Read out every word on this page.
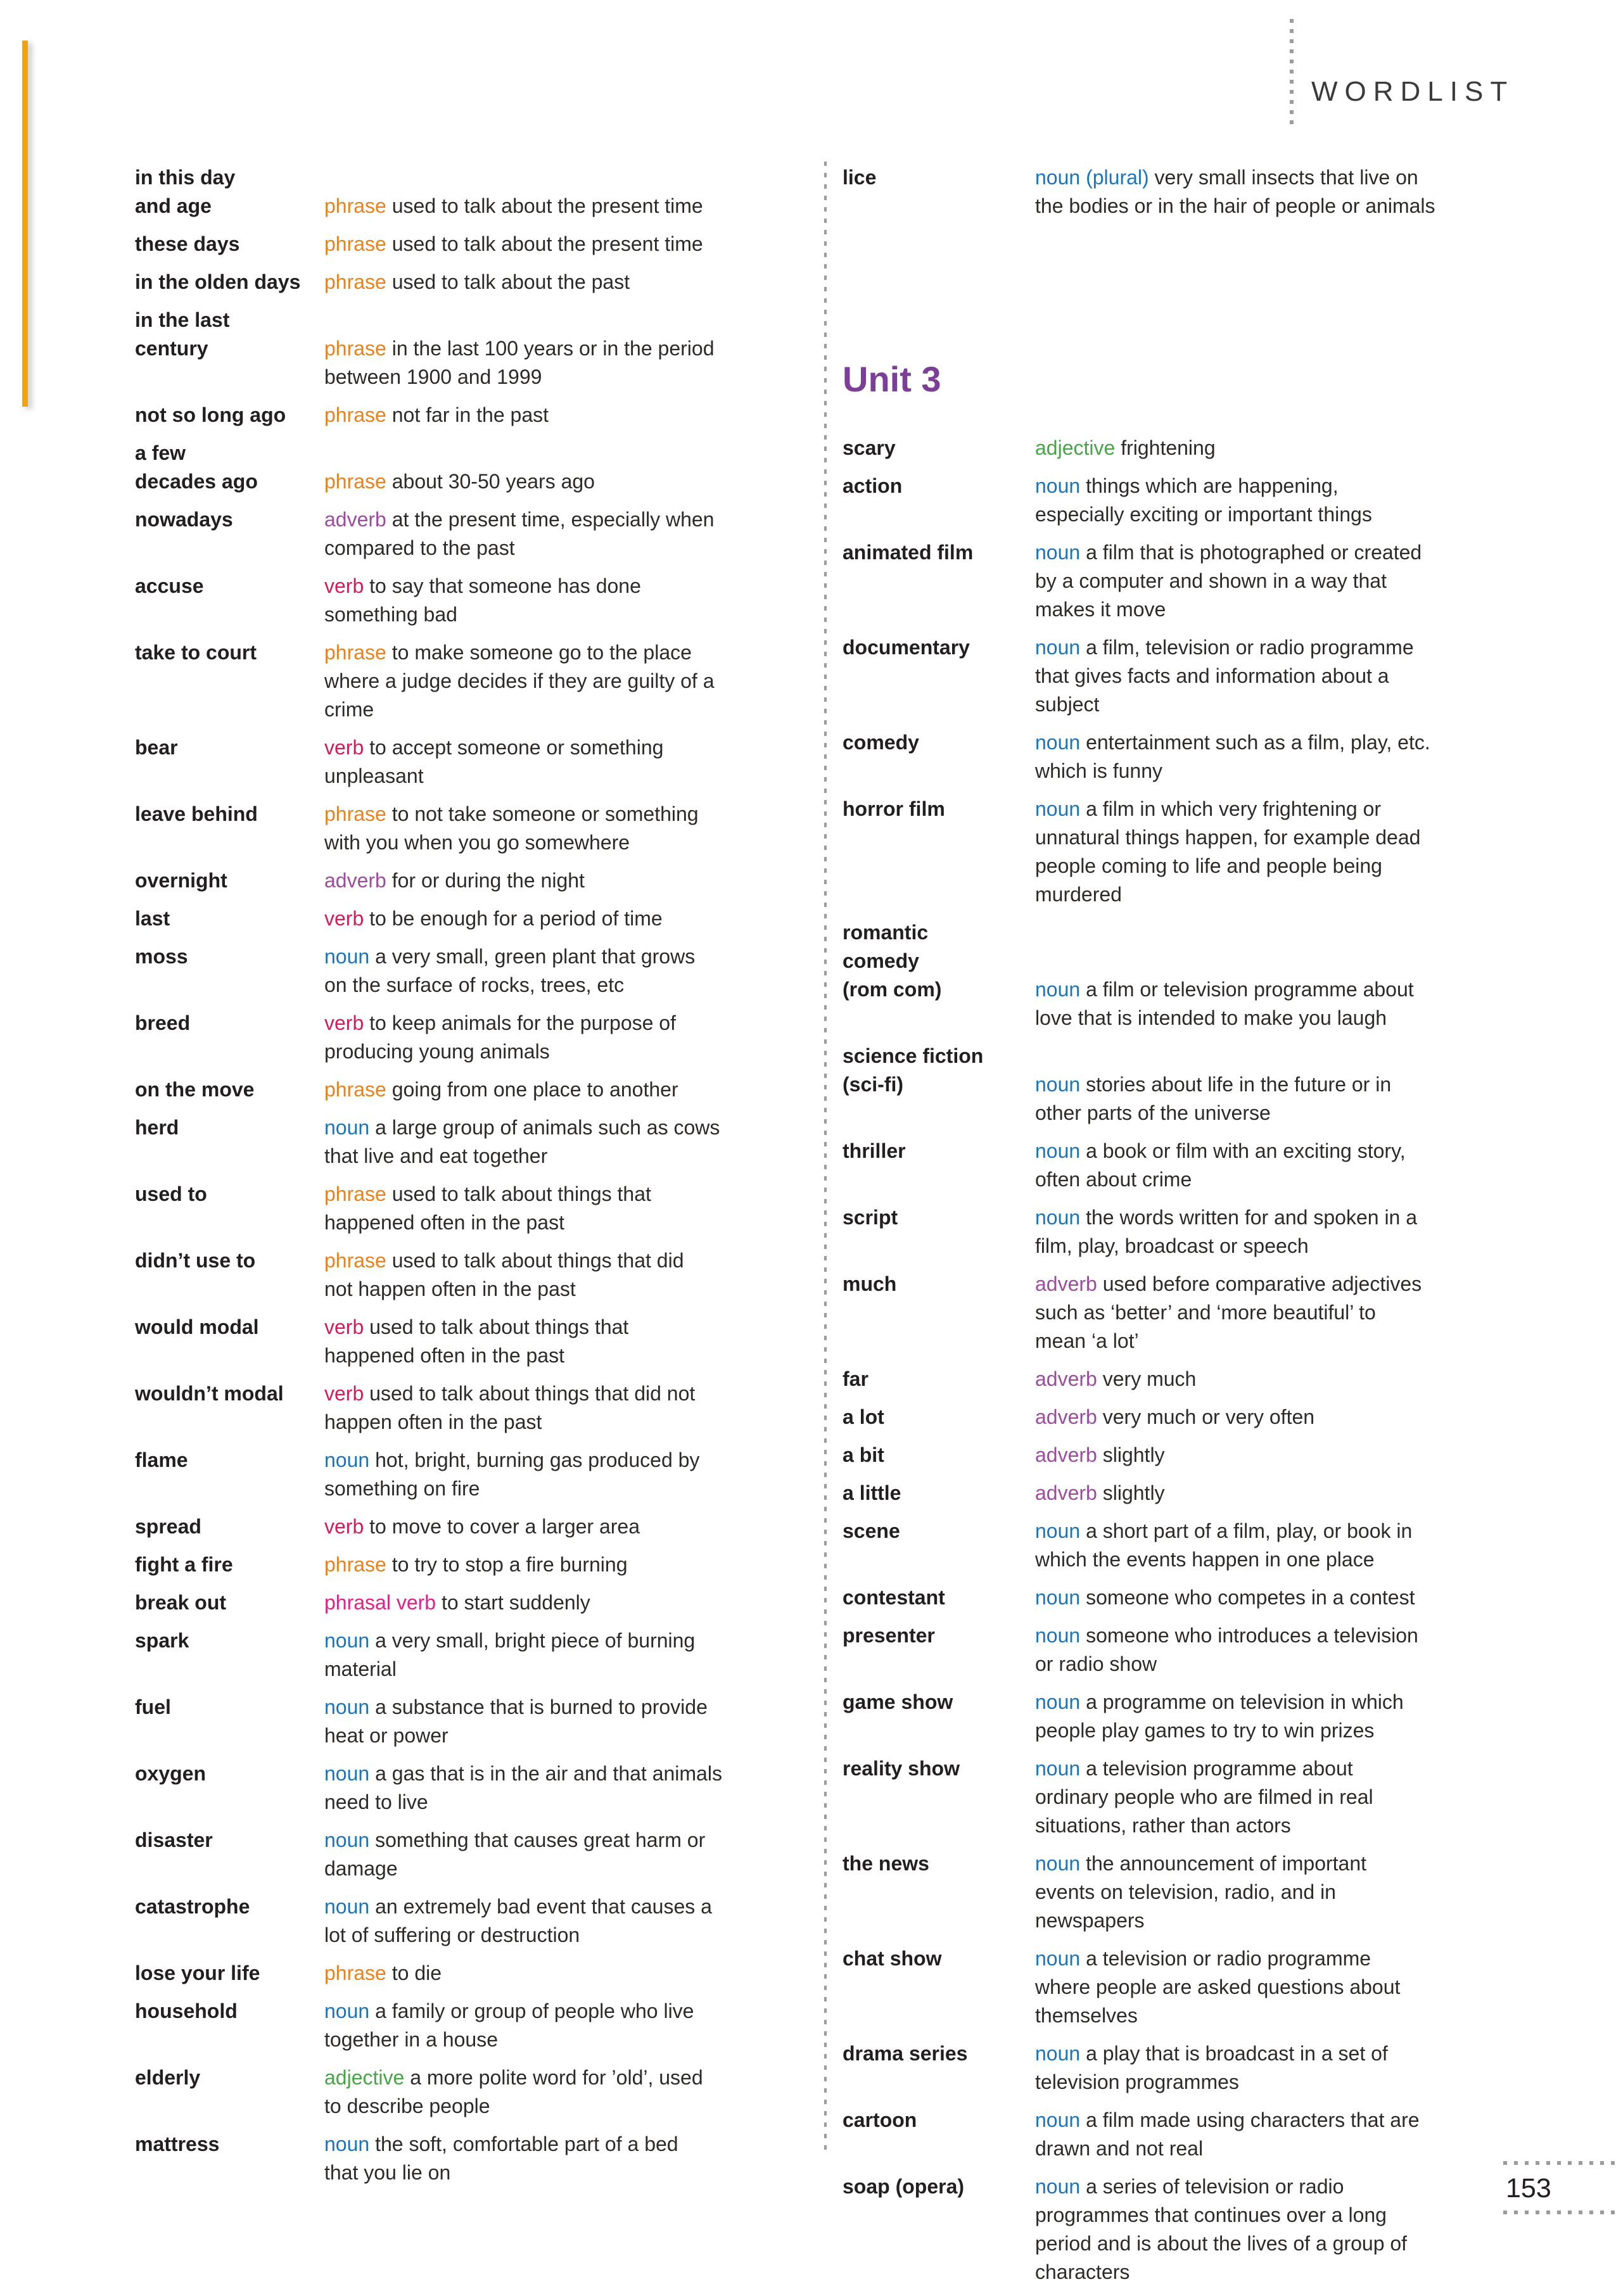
WORDLIST
in this day
and age	phrase used to talk about the present time
these days	phrase used to talk about the present time
in the olden days	phrase used to talk about the past
in the last
century	phrase in the last 100 years or in the period
between 1900 and 1999
not so long ago	phrase not far in the past
a few
decades ago	phrase about 30-50 years ago
nowadays	adverb at the present time, especially when
compared to the past
accuse	verb to say that someone has done
something bad
take to court	phrase to make someone go to the place
where a judge decides if they are guilty of a
crime
bear	verb to accept someone or something
unpleasant
leave behind	phrase to not take someone or something
with you when you go somewhere
overnight	adverb for or during the night
last	verb to be enough for a period of time
moss	noun a very small, green plant that grows
on the surface of rocks, trees, etc
breed	verb to keep animals for the purpose of
producing young animals
on the move	phrase going from one place to another
herd	noun a large group of animals such as cows
that live and eat together
used to	phrase used to talk about things that
happened often in the past
didn’t use to	phrase used to talk about things that did
not happen often in the past
would modal	verb used to talk about things that
happened often in the past
wouldn’t modal	verb used to talk about things that did not
happen often in the past
flame	noun hot, bright, burning gas produced by
something on fire
spread	verb to move to cover a larger area
fight a fire	phrase to try to stop a fire burning
break out	phrasal verb to start suddenly
spark	noun a very small, bright piece of burning
material
fuel	noun a substance that is burned to provide
heat or power
oxygen	noun a gas that is in the air and that animals
need to live
disaster	noun something that causes great harm or
damage
catastrophe	noun an extremely bad event that causes a
lot of suffering or destruction
lose your life	phrase to die
household	noun a family or group of people who live
together in a house
elderly	adjective a more polite word for ’old’, used
to describe people
mattress	noun the soft, comfortable part of a bed
that you lie on
lice	noun (plural) very small insects that live on
the bodies or in the hair of people or animals
Unit 3
scary	adjective frightening
action	noun things which are happening,
especially exciting or important things
animated film	noun a film that is photographed or created
by a computer and shown in a way that
makes it move
documentary	noun a film, television or radio programme
that gives facts and information about a
subject
comedy	noun entertainment such as a film, play, etc.
which is funny
horror film	noun a film in which very frightening or
unnatural things happen, for example dead
people coming to life and people being
murdered
romantic
comedy
(rom com)	noun a film or television programme about
love that is intended to make you laugh
science fiction
(sci-fi)	noun stories about life in the future or in
other parts of the universe
thriller	noun a book or film with an exciting story,
often about crime
script	noun the words written for and spoken in a
film, play, broadcast or speech
much	adverb used before comparative adjectives
such as ‘better’ and ‘more beautiful’ to
mean ‘a lot’
far	adverb very much
a lot	adverb very much or very often
a bit	adverb slightly
a little	adverb slightly
scene	noun a short part of a film, play, or book in
which the events happen in one place
contestant	noun someone who competes in a contest
presenter	noun someone who introduces a television
or radio show
game show	noun a programme on television in which
people play games to try to win prizes
reality show	noun a television programme about
ordinary people who are filmed in real
situations, rather than actors
the news	noun the announcement of important
events on television, radio, and in
newspapers
chat show	noun a television or radio programme
where people are asked questions about
themselves
drama series	noun a play that is broadcast in a set of
television programmes
cartoon	noun a film made using characters that are
drawn and not real
soap (opera)	noun a series of television or radio
programmes that continues over a long
period and is about the lives of a group of
characters
153
